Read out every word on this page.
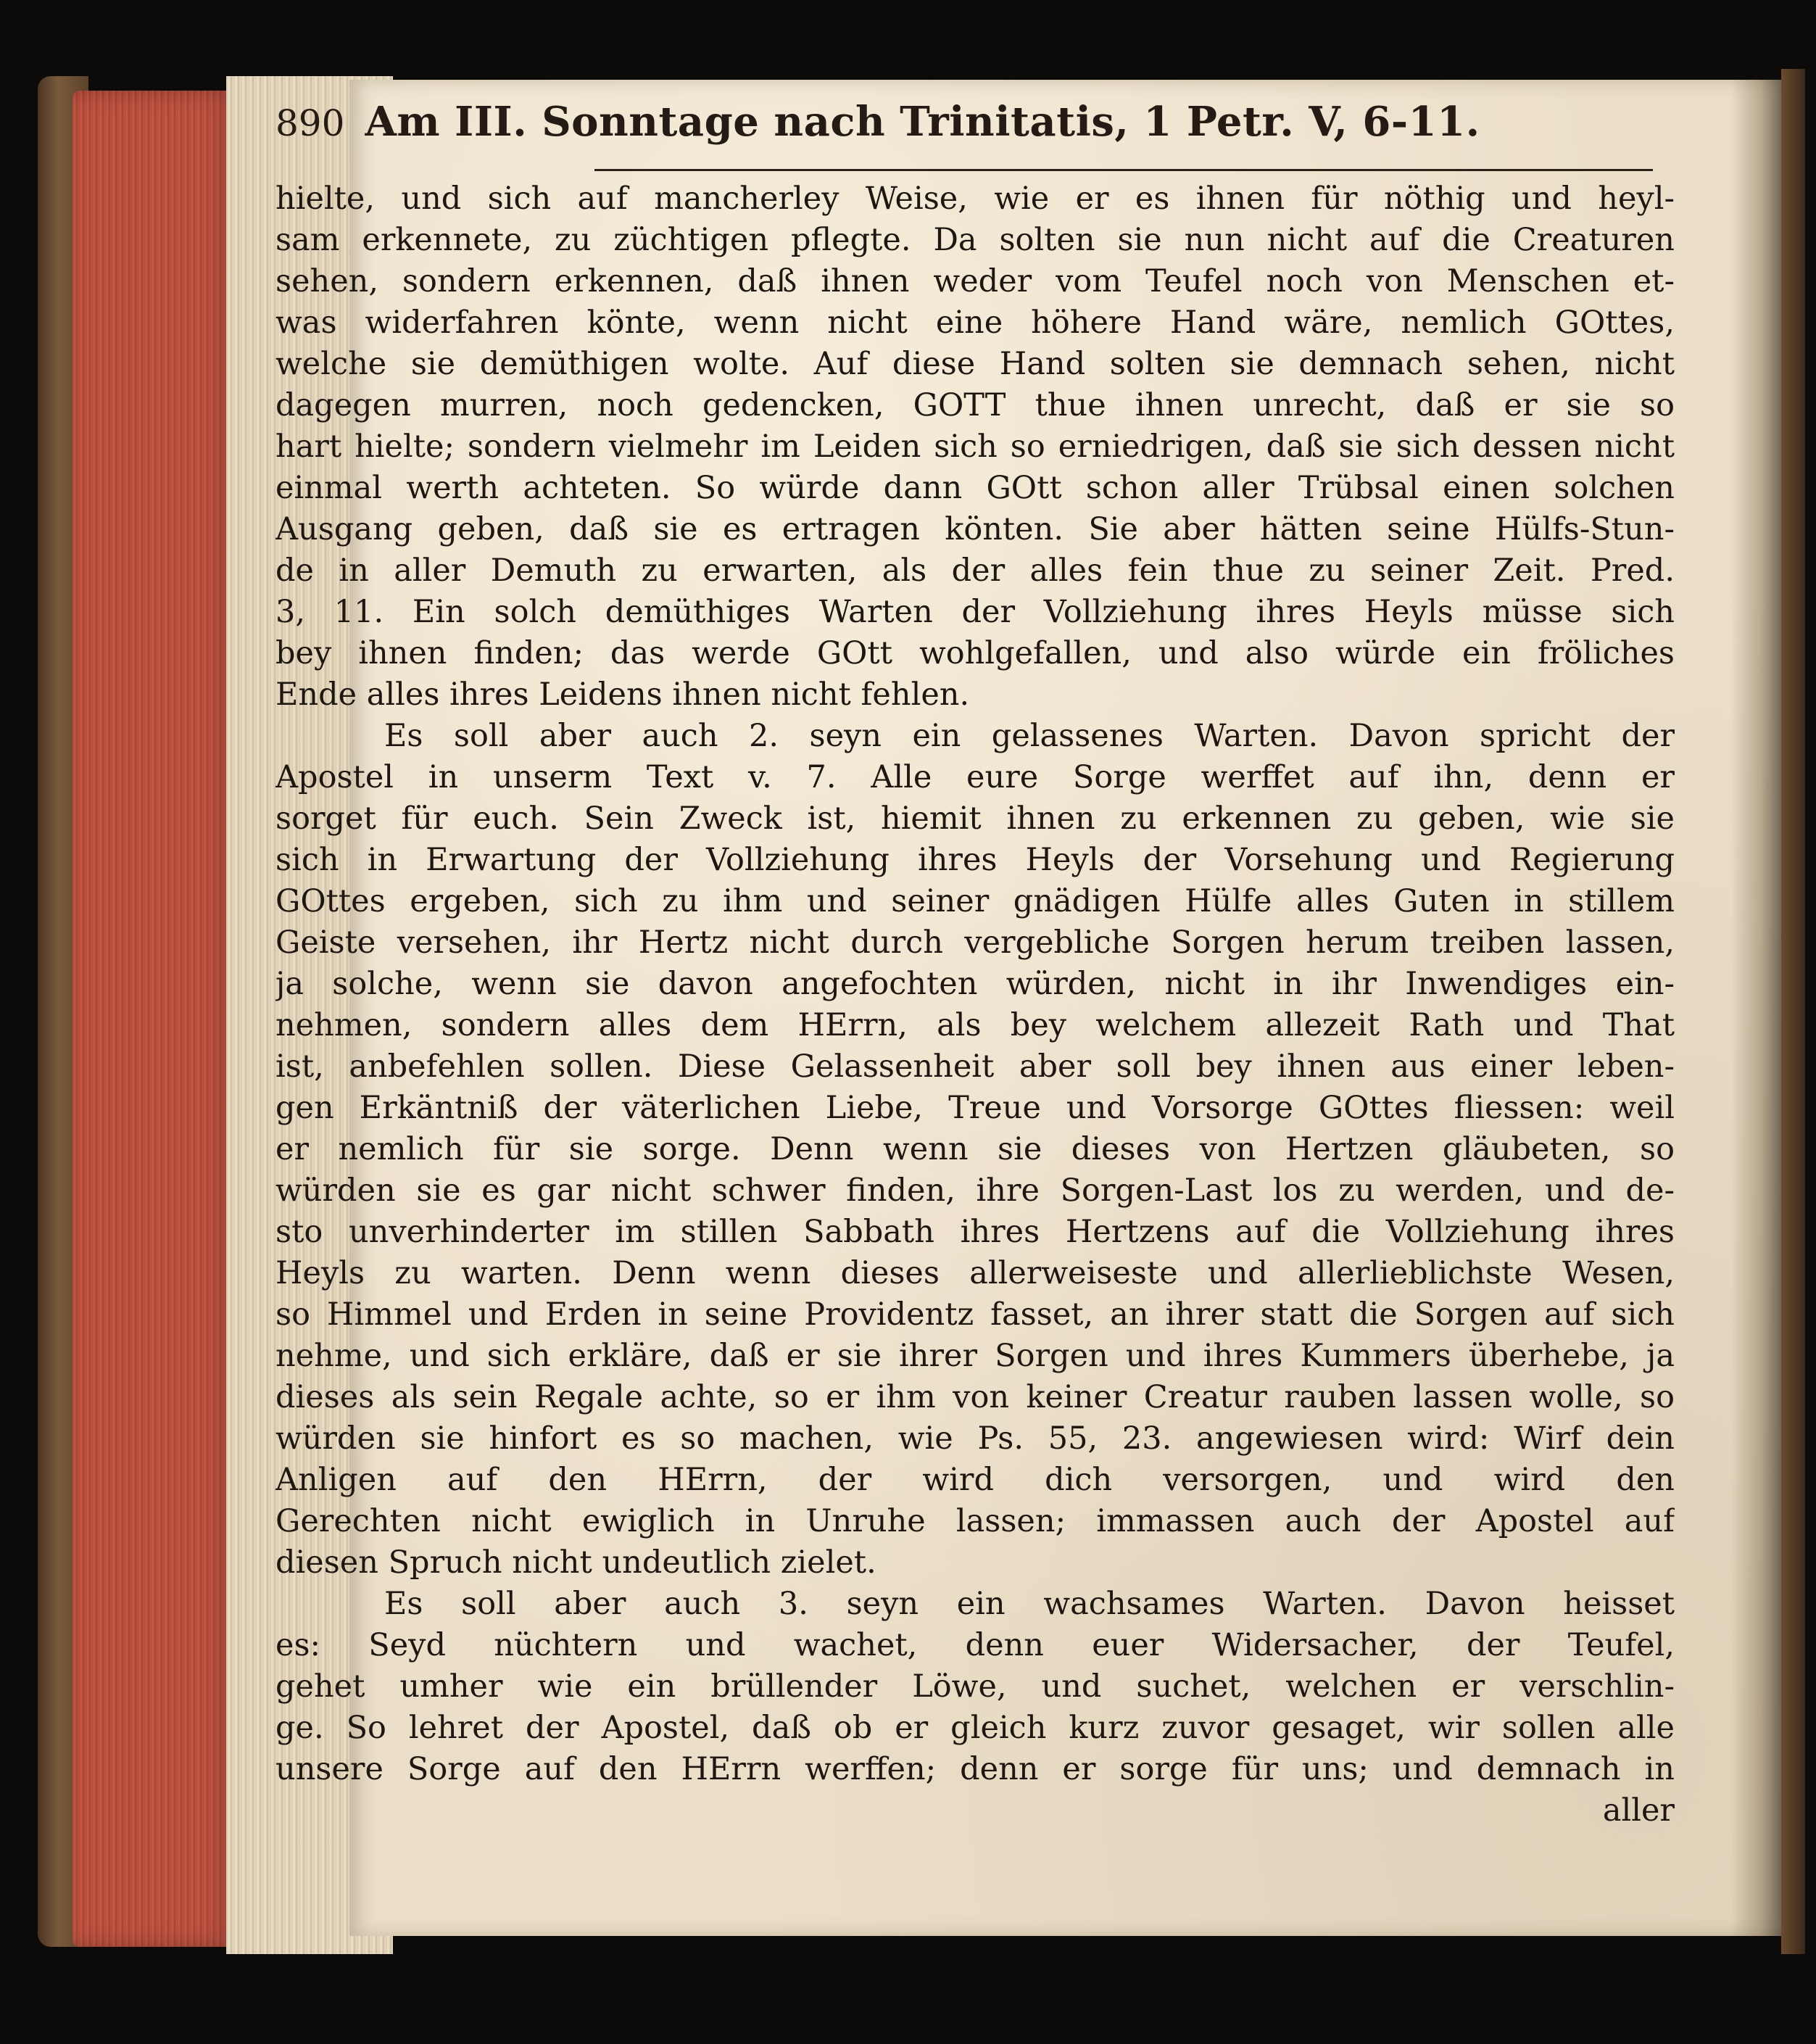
890 Am III. Sonntage nach Trinitatis, 1 Petr. V, 6-11.
hielte, und sich auf mancherley Weise, wie er es ihnen für nöthig und heyl-
sam erkennete, zu züchtigen pflegte. Da solten sie nun nicht auf die Creaturen
sehen, sondern erkennen, daß ihnen weder vom Teufel noch von Menschen et-
was widerfahren könte, wenn nicht eine höhere Hand wäre, nemlich GOttes,
welche sie demüthigen wolte. Auf diese Hand solten sie demnach sehen, nicht
dagegen murren, noch gedencken, GOTT thue ihnen unrecht, daß er sie so
hart hielte; sondern vielmehr im Leiden sich so erniedrigen, daß sie sich dessen nicht
einmal werth achteten. So würde dann GOtt schon aller Trübsal einen solchen
Ausgang geben, daß sie es ertragen könten. Sie aber hätten seine Hülfs-Stun-
de in aller Demuth zu erwarten, als der alles fein thue zu seiner Zeit. Pred.
3, 11. Ein solch demüthiges Warten der Vollziehung ihres Heyls müsse sich
bey ihnen finden; das werde GOtt wohlgefallen, und also würde ein fröliches
Ende alles ihres Leidens ihnen nicht fehlen.
Es soll aber auch 2. seyn ein gelassenes Warten. Davon spricht der
Apostel in unserm Text v. 7. Alle eure Sorge werffet auf ihn, denn er
sorget für euch. Sein Zweck ist, hiemit ihnen zu erkennen zu geben, wie sie
sich in Erwartung der Vollziehung ihres Heyls der Vorsehung und Regierung
GOttes ergeben, sich zu ihm und seiner gnädigen Hülfe alles Guten in stillem
Geiste versehen, ihr Hertz nicht durch vergebliche Sorgen herum treiben lassen,
ja solche, wenn sie davon angefochten würden, nicht in ihr Inwendiges ein-
nehmen, sondern alles dem HErrn, als bey welchem allezeit Rath und That
ist, anbefehlen sollen. Diese Gelassenheit aber soll bey ihnen aus einer leben-
gen Erkäntniß der väterlichen Liebe, Treue und Vorsorge GOttes fliessen: weil
er nemlich für sie sorge. Denn wenn sie dieses von Hertzen gläubeten, so
würden sie es gar nicht schwer finden, ihre Sorgen-Last los zu werden, und de-
sto unverhinderter im stillen Sabbath ihres Hertzens auf die Vollziehung ihres
Heyls zu warten. Denn wenn dieses allerweiseste und allerlieblichste Wesen,
so Himmel und Erden in seine Providentz fasset, an ihrer statt die Sorgen auf sich
nehme, und sich erkläre, daß er sie ihrer Sorgen und ihres Kummers überhebe, ja
dieses als sein Regale achte, so er ihm von keiner Creatur rauben lassen wolle, so
würden sie hinfort es so machen, wie Ps. 55, 23. angewiesen wird: Wirf dein
Anligen auf den HErrn, der wird dich versorgen, und wird den
Gerechten nicht ewiglich in Unruhe lassen; immassen auch der Apostel auf
diesen Spruch nicht undeutlich zielet.
Es soll aber auch 3. seyn ein wachsames Warten. Davon heisset
es: Seyd nüchtern und wachet, denn euer Widersacher, der Teufel,
gehet umher wie ein brüllender Löwe, und suchet, welchen er verschlin-
ge. So lehret der Apostel, daß ob er gleich kurz zuvor gesaget, wir sollen alle
unsere Sorge auf den HErrn werffen; denn er sorge für uns; und demnach in
aller
